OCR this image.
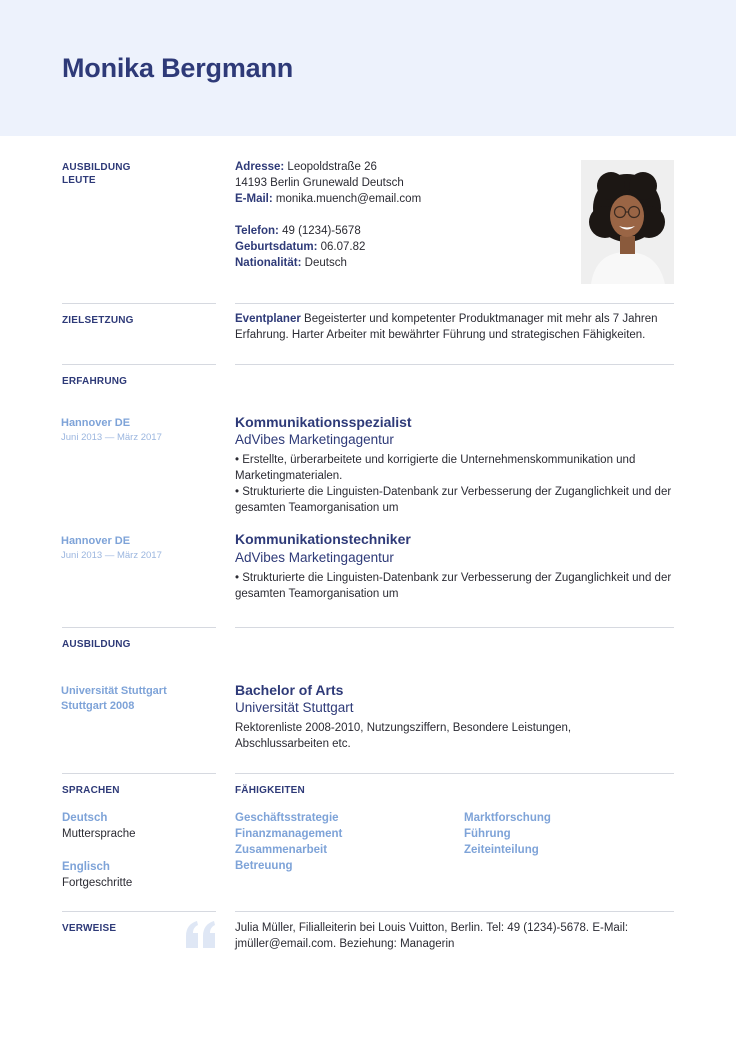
Monika Bergmann
AUSBILDUNG
LEUTE
Adresse: Leopoldstraße 26
14193 Berlin Grunewald Deutsch
E-Mail: monika.muench@email.com
Telefon: 49 (1234)-5678
Geburtsdatum: 06.07.82
Nationalität: Deutsch
ZIELSETZUNG	Eventplaner Begeisterter und kompetenter Produktmanager mit mehr als 7 Jahren
Erfahrung. Harter Arbeiter mit bewährter Führung und strategischen Fähigkeiten.
ERFAHRUNG
Hannover DE
Juni 2013 — März 2017
Kommunikationsspezialist
AdVibes Marketingagentur
• Erstellte, ürberarbeitete und korrigierte die Unternehmenskommunikation und Marketingmaterialen.
• Strukturierte die Linguisten-Datenbank zur Verbesserung der Zuganglichkeit und der gesamten Teamorganisation um
Hannover DE
Juni 2013 — März 2017
Kommunikationstechniker
AdVibes Marketingagentur
• Strukturierte die Linguisten-Datenbank zur Verbesserung der Zuganglichkeit und der gesamten Teamorganisation um
AUSBILDUNG
Universität Stuttgart
Stuttgart 2008
Bachelor of Arts
Universität Stuttgart
Rektorenliste 2008-2010, Nutzungsziffern, Besondere Leistungen, Abschlussarbeiten etc.
SPRACHEN	FÄHIGKEITEN
Deutsch
Muttersprache
Englisch
Fortgeschritte
Geschäftsstrategie
Finanzmanagement
Zusammenarbeit
Betreuung
Marktforschung
Führung
Zeiteinteilung
VERWEISE	Julia Müller, Filialleiterin bei Louis Vuitton, Berlin. Tel: 49 (1234)-5678. E-Mail: jmüller@email.com. Beziehung: Managerin
